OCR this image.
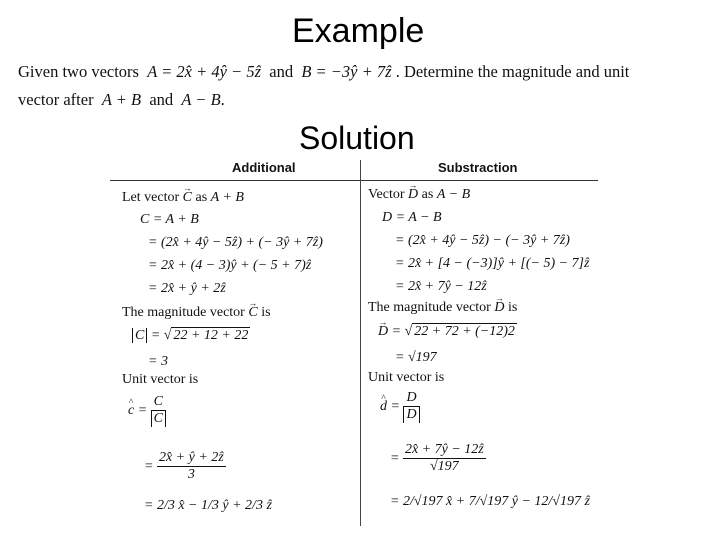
Example
Given two vectors A = 2x̂ + 4ŷ − 5ẑ and B = −3ŷ + 7ẑ . Determine the magnitude and unit
vector after A + B and A − B.
Solution
Additional	Substraction
Let vector → C as A + B
C = A + B
= (2x̂ + 4ŷ − 5ẑ) + (− 3ŷ + 7ẑ)
= 2x̂ + (4 − 3)ŷ + (− 5 + 7)ẑ
= 2x̂ + ŷ + 2ẑ
The magnitude vector → C is
C = √ 22 + 12 + 22
= 3
Unit vector is
^ $c = \frac{C}{C}$
= $\frac{\text{2x̂ + ŷ + 2ẑ}}{3}$
= 2/3 x̂ − 1/3 ŷ + 2/3 ẑ
Vector → D as A − B
D = A − B
= (2x̂ + 4ŷ − 5ẑ) − (− 3ŷ + 7ẑ)
= 2x̂ + [4 − (−3)]ŷ + [(− 5) − 7]ẑ
= 2x̂ + 7ŷ − 12ẑ
The magnitude vector → D is
→ D = √ 22 + 72 + (−12)2
= √197
Unit vector is
^ $d = \frac{D}{D}$
= $\frac{\text{2x̂ + 7ŷ − 12ẑ}}{√197}$
= 2/√197 x̂ + 7/√197 ŷ − 12/√197 ẑ
